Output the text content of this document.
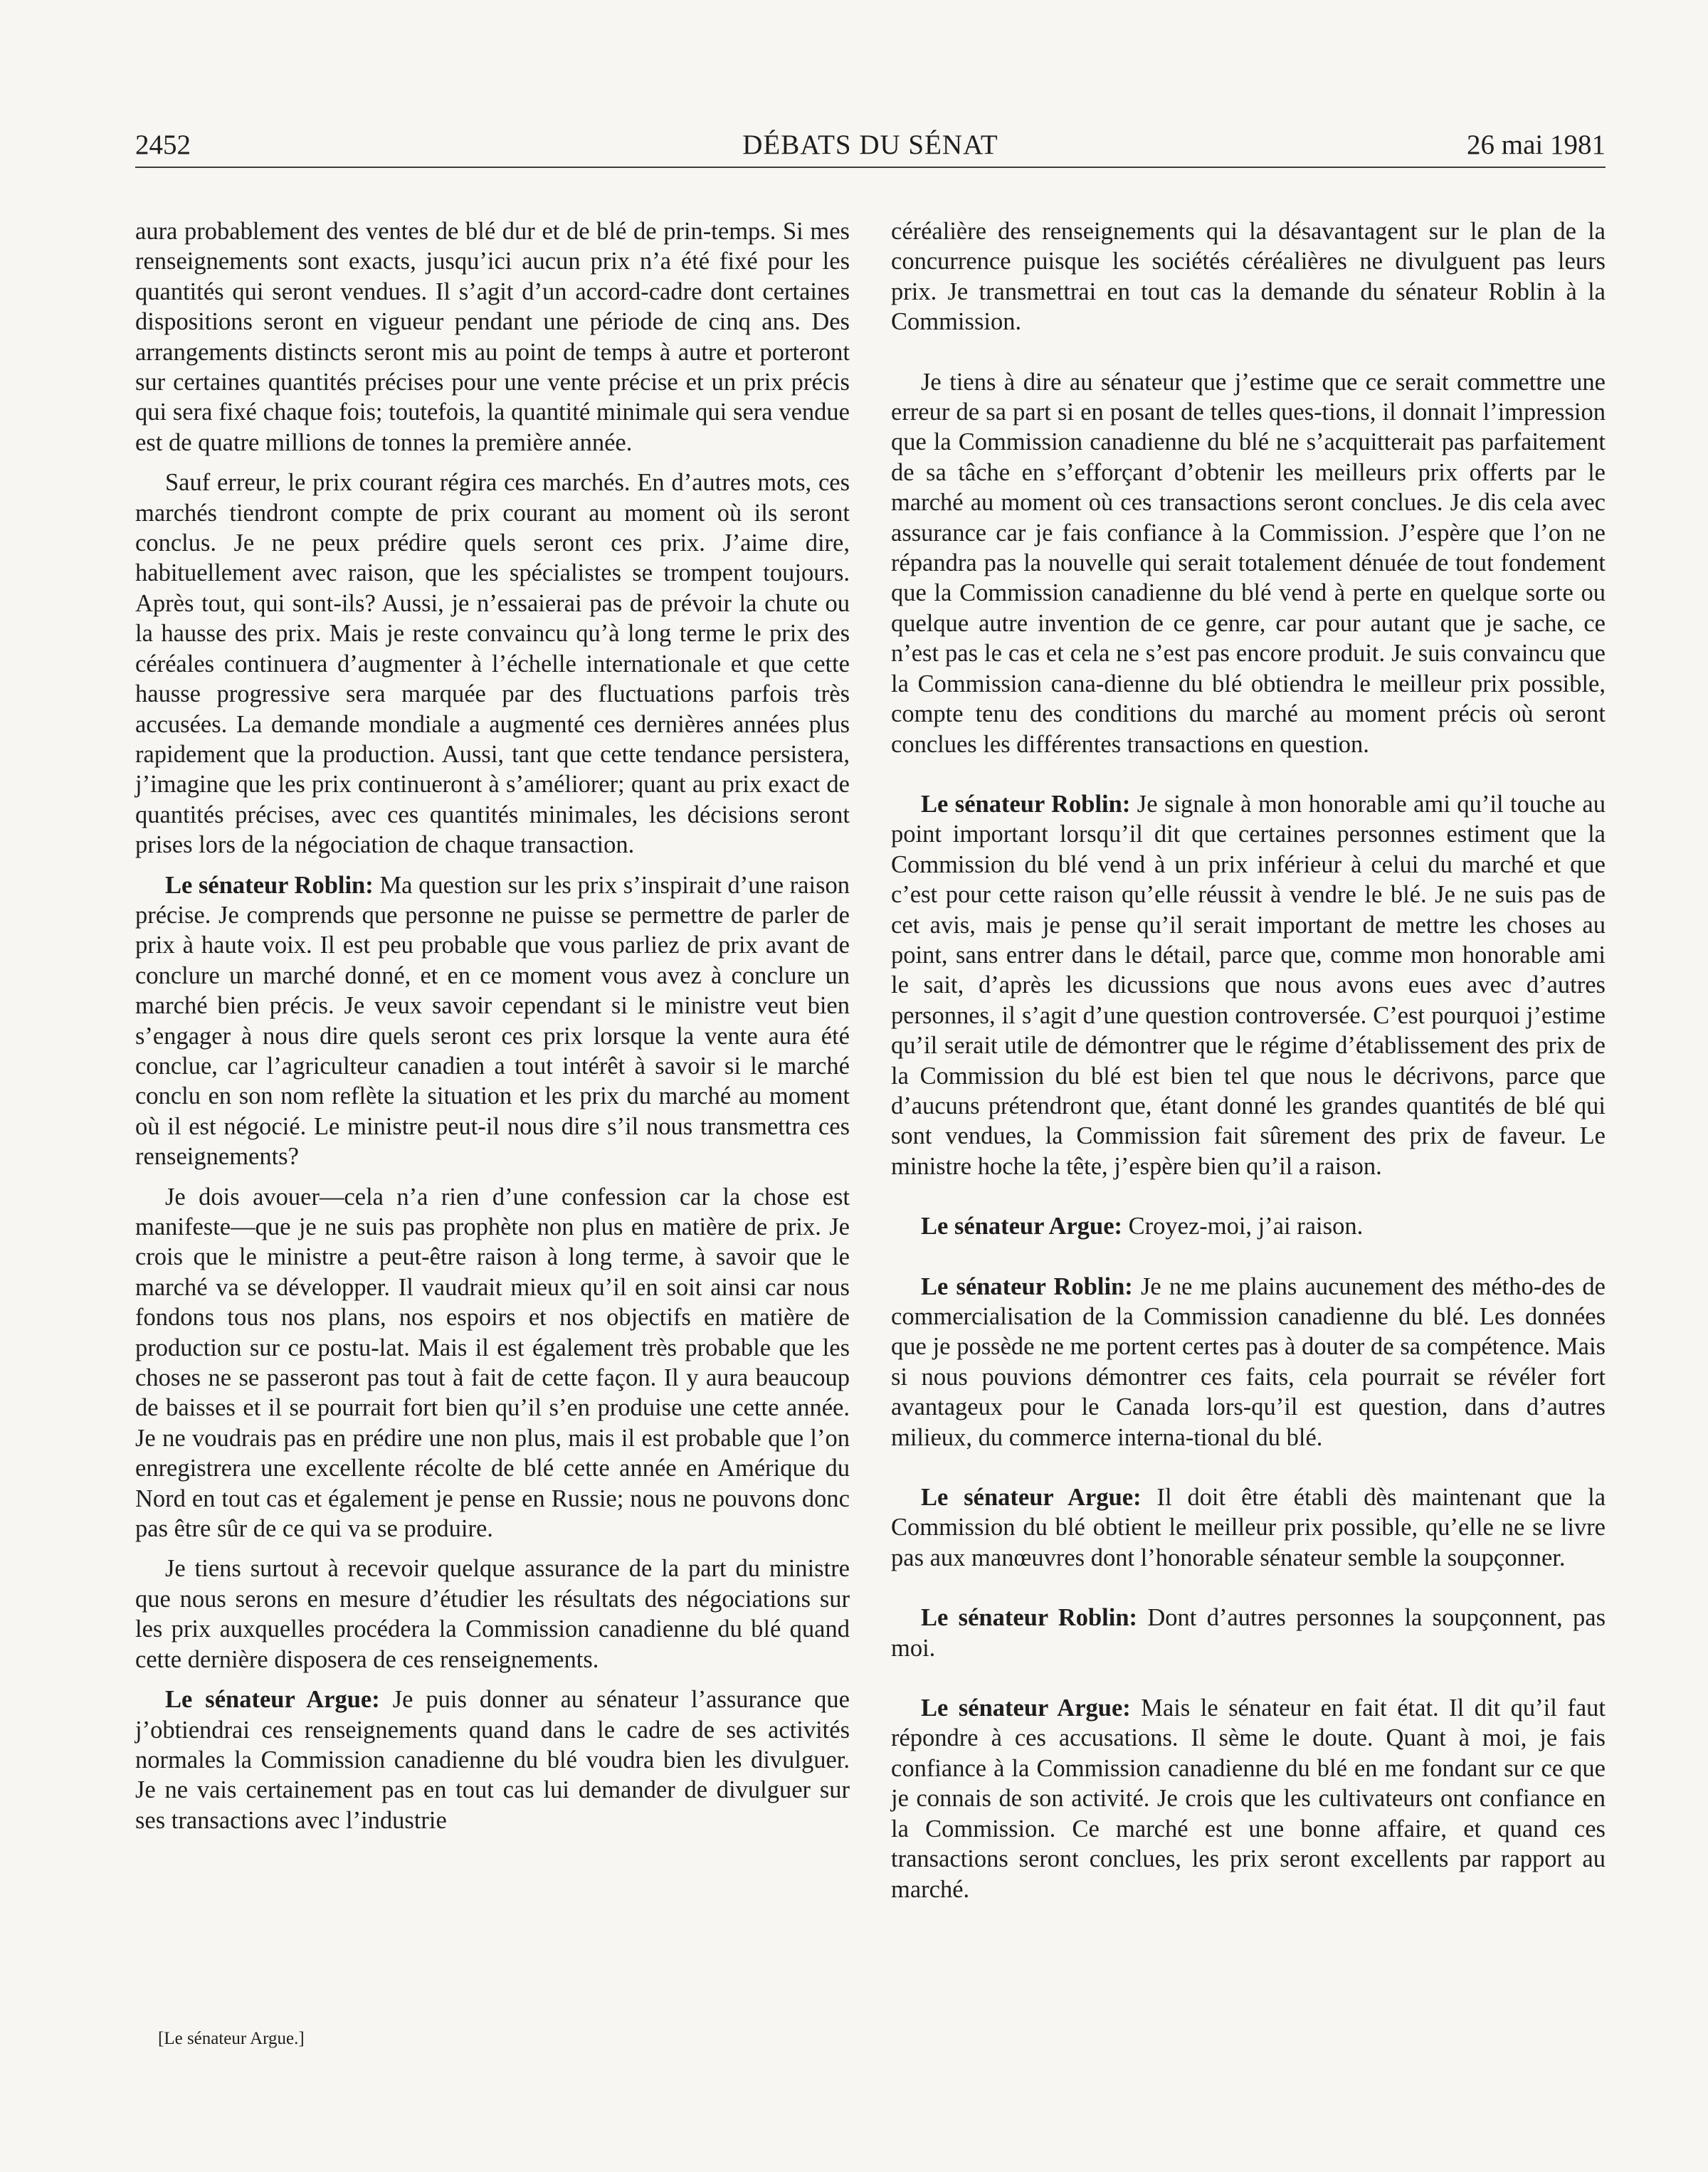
2452	DÉBATS DU SÉNAT	26 mai 1981

aura probablement des ventes de blé dur et de blé de prin-temps. Si mes renseignements sont exacts, jusqu’ici aucun prix n’a été fixé pour les quantités qui seront vendues. Il s’agit d’un accord-cadre dont certaines dispositions seront en vigueur pendant une période de cinq ans. Des arrangements distincts seront mis au point de temps à autre et porteront sur certaines quantités précises pour une vente précise et un prix précis qui sera fixé chaque fois; toutefois, la quantité minimale qui sera vendue est de quatre millions de tonnes la première année.

Sauf erreur, le prix courant régira ces marchés. En d’autres mots, ces marchés tiendront compte de prix courant au moment où ils seront conclus. Je ne peux prédire quels seront ces prix. J’aime dire, habituellement avec raison, que les spécialistes se trompent toujours. Après tout, qui sont-ils? Aussi, je n’essaierai pas de prévoir la chute ou la hausse des prix. Mais je reste convaincu qu’à long terme le prix des céréales continuera d’augmenter à l’échelle internationale et que cette hausse progressive sera marquée par des fluctuations parfois très accusées. La demande mondiale a augmenté ces dernières années plus rapidement que la production. Aussi, tant que cette tendance persistera, j’imagine que les prix continueront à s’améliorer; quant au prix exact de quantités précises, avec ces quantités minimales, les décisions seront prises lors de la négociation de chaque transaction.

Le sénateur Roblin: Ma question sur les prix s’inspirait d’une raison précise. Je comprends que personne ne puisse se permettre de parler de prix à haute voix. Il est peu probable que vous parliez de prix avant de conclure un marché donné, et en ce moment vous avez à conclure un marché bien précis. Je veux savoir cependant si le ministre veut bien s’engager à nous dire quels seront ces prix lorsque la vente aura été conclue, car l’agriculteur canadien a tout intérêt à savoir si le marché conclu en son nom reflète la situation et les prix du marché au moment où il est négocié. Le ministre peut-il nous dire s’il nous transmettra ces renseignements?

Je dois avouer—cela n’a rien d’une confession car la chose est manifeste—que je ne suis pas prophète non plus en matière de prix. Je crois que le ministre a peut-être raison à long terme, à savoir que le marché va se développer. Il vaudrait mieux qu’il en soit ainsi car nous fondons tous nos plans, nos espoirs et nos objectifs en matière de production sur ce postu-lat. Mais il est également très probable que les choses ne se passeront pas tout à fait de cette façon. Il y aura beaucoup de baisses et il se pourrait fort bien qu’il s’en produise une cette année. Je ne voudrais pas en prédire une non plus, mais il est probable que l’on enregistrera une excellente récolte de blé cette année en Amérique du Nord en tout cas et également je pense en Russie; nous ne pouvons donc pas être sûr de ce qui va se produire.

Je tiens surtout à recevoir quelque assurance de la part du ministre que nous serons en mesure d’étudier les résultats des négociations sur les prix auxquelles procédera la Commission canadienne du blé quand cette dernière disposera de ces renseignements.

Le sénateur Argue: Je puis donner au sénateur l’assurance que j’obtiendrai ces renseignements quand dans le cadre de ses activités normales la Commission canadienne du blé voudra bien les divulguer. Je ne vais certainement pas en tout cas lui demander de divulguer sur ses transactions avec l’industrie

céréalière des renseignements qui la désavantagent sur le plan de la concurrence puisque les sociétés céréalières ne divulguent pas leurs prix. Je transmettrai en tout cas la demande du sénateur Roblin à la Commission.

Je tiens à dire au sénateur que j’estime que ce serait commettre une erreur de sa part si en posant de telles ques-tions, il donnait l’impression que la Commission canadienne du blé ne s’acquitterait pas parfaitement de sa tâche en s’efforçant d’obtenir les meilleurs prix offerts par le marché au moment où ces transactions seront conclues. Je dis cela avec assurance car je fais confiance à la Commission. J’espère que l’on ne répandra pas la nouvelle qui serait totalement dénuée de tout fondement que la Commission canadienne du blé vend à perte en quelque sorte ou quelque autre invention de ce genre, car pour autant que je sache, ce n’est pas le cas et cela ne s’est pas encore produit. Je suis convaincu que la Commission cana-dienne du blé obtiendra le meilleur prix possible, compte tenu des conditions du marché au moment précis où seront conclues les différentes transactions en question.

Le sénateur Roblin: Je signale à mon honorable ami qu’il touche au point important lorsqu’il dit que certaines personnes estiment que la Commission du blé vend à un prix inférieur à celui du marché et que c’est pour cette raison qu’elle réussit à vendre le blé. Je ne suis pas de cet avis, mais je pense qu’il serait important de mettre les choses au point, sans entrer dans le détail, parce que, comme mon honorable ami le sait, d’après les dicussions que nous avons eues avec d’autres personnes, il s’agit d’une question controversée. C’est pourquoi j’estime qu’il serait utile de démontrer que le régime d’établissement des prix de la Commission du blé est bien tel que nous le décrivons, parce que d’aucuns prétendront que, étant donné les grandes quantités de blé qui sont vendues, la Commission fait sûrement des prix de faveur. Le ministre hoche la tête, j’espère bien qu’il a raison.

Le sénateur Argue: Croyez-moi, j’ai raison.

Le sénateur Roblin: Je ne me plains aucunement des métho-des de commercialisation de la Commission canadienne du blé. Les données que je possède ne me portent certes pas à douter de sa compétence. Mais si nous pouvions démontrer ces faits, cela pourrait se révéler fort avantageux pour le Canada lors-qu’il est question, dans d’autres milieux, du commerce interna-tional du blé.

Le sénateur Argue: Il doit être établi dès maintenant que la Commission du blé obtient le meilleur prix possible, qu’elle ne se livre pas aux manœuvres dont l’honorable sénateur semble la soupçonner.

Le sénateur Roblin: Dont d’autres personnes la soupçonnent, pas moi.

Le sénateur Argue: Mais le sénateur en fait état. Il dit qu’il faut répondre à ces accusations. Il sème le doute. Quant à moi, je fais confiance à la Commission canadienne du blé en me fondant sur ce que je connais de son activité. Je crois que les cultivateurs ont confiance en la Commission. Ce marché est une bonne affaire, et quand ces transactions seront conclues, les prix seront excellents par rapport au marché.

[Le sénateur Argue.]
